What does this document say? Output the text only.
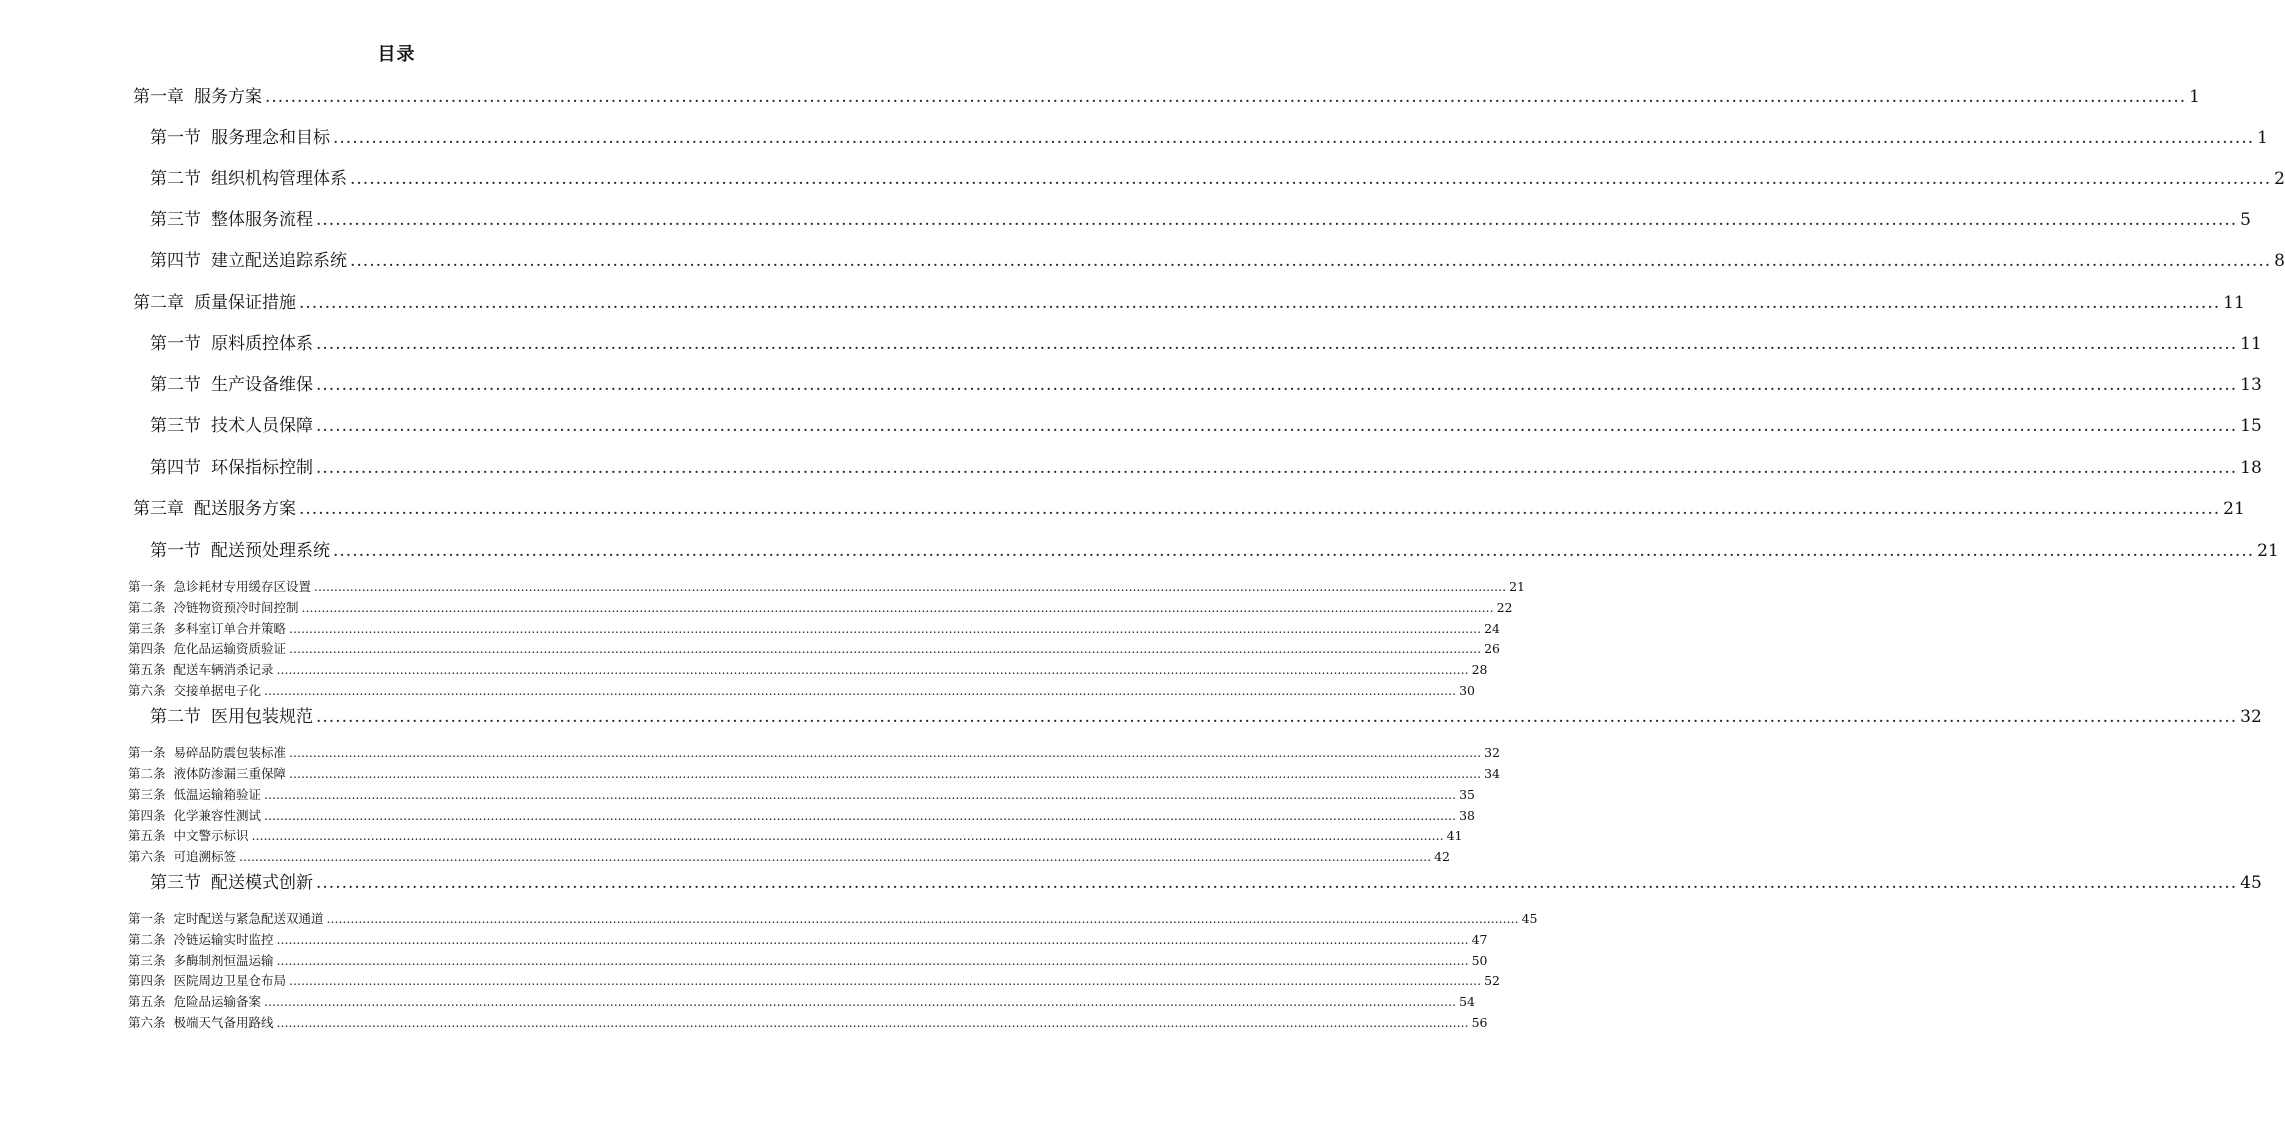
目录
第一章 服务方案 ............................................................................................................................................................................................................................................................................................................ 1
第一节 服务理念和目标 ............................................................................................................................................................................................................................................................................................................ 1
第二节 组织机构管理体系 ............................................................................................................................................................................................................................................................................................................ 2
第三节 整体服务流程 ............................................................................................................................................................................................................................................................................................................ 5
第四节 建立配送追踪系统 ............................................................................................................................................................................................................................................................................................................ 8
第二章 质量保证措施 ............................................................................................................................................................................................................................................................................................................ 11
第一节 原料质控体系 ............................................................................................................................................................................................................................................................................................................ 11
第二节 生产设备维保 ............................................................................................................................................................................................................................................................................................................ 13
第三节 技术人员保障 ............................................................................................................................................................................................................................................................................................................ 15
第四节 环保指标控制 ............................................................................................................................................................................................................................................................................................................ 18
第三章 配送服务方案 ............................................................................................................................................................................................................................................................................................................ 21
第一节 配送预处理系统 ............................................................................................................................................................................................................................................................................................................ 21
第一条 急诊耗材专用缓存区设置 ............................................................................................................................................................................................................................................................................................................ 21
第二条 冷链物资预冷时间控制 ............................................................................................................................................................................................................................................................................................................ 22
第三条 多科室订单合并策略 ............................................................................................................................................................................................................................................................................................................ 24
第四条 危化品运输资质验证 ............................................................................................................................................................................................................................................................................................................ 26
第五条 配送车辆消杀记录 ............................................................................................................................................................................................................................................................................................................ 28
第六条 交接单据电子化 ............................................................................................................................................................................................................................................................................................................ 30
第二节 医用包装规范 ............................................................................................................................................................................................................................................................................................................ 32
第一条 易碎品防震包装标准 ............................................................................................................................................................................................................................................................................................................ 32
第二条 液体防渗漏三重保障 ............................................................................................................................................................................................................................................................................................................ 34
第三条 低温运输箱验证 ............................................................................................................................................................................................................................................................................................................ 35
第四条 化学兼容性测试 ............................................................................................................................................................................................................................................................................................................ 38
第五条 中文警示标识 ............................................................................................................................................................................................................................................................................................................ 41
第六条 可追溯标签 ............................................................................................................................................................................................................................................................................................................ 42
第三节 配送模式创新 ............................................................................................................................................................................................................................................................................................................ 45
第一条 定时配送与紧急配送双通道 ............................................................................................................................................................................................................................................................................................................ 45
第二条 冷链运输实时监控 ............................................................................................................................................................................................................................................................................................................ 47
第三条 多酶制剂恒温运输 ............................................................................................................................................................................................................................................................................................................ 50
第四条 医院周边卫星仓布局 ............................................................................................................................................................................................................................................................................................................ 52
第五条 危险品运输备案 ............................................................................................................................................................................................................................................................................................................ 54
第六条 极端天气备用路线 ............................................................................................................................................................................................................................................................................................................ 56
